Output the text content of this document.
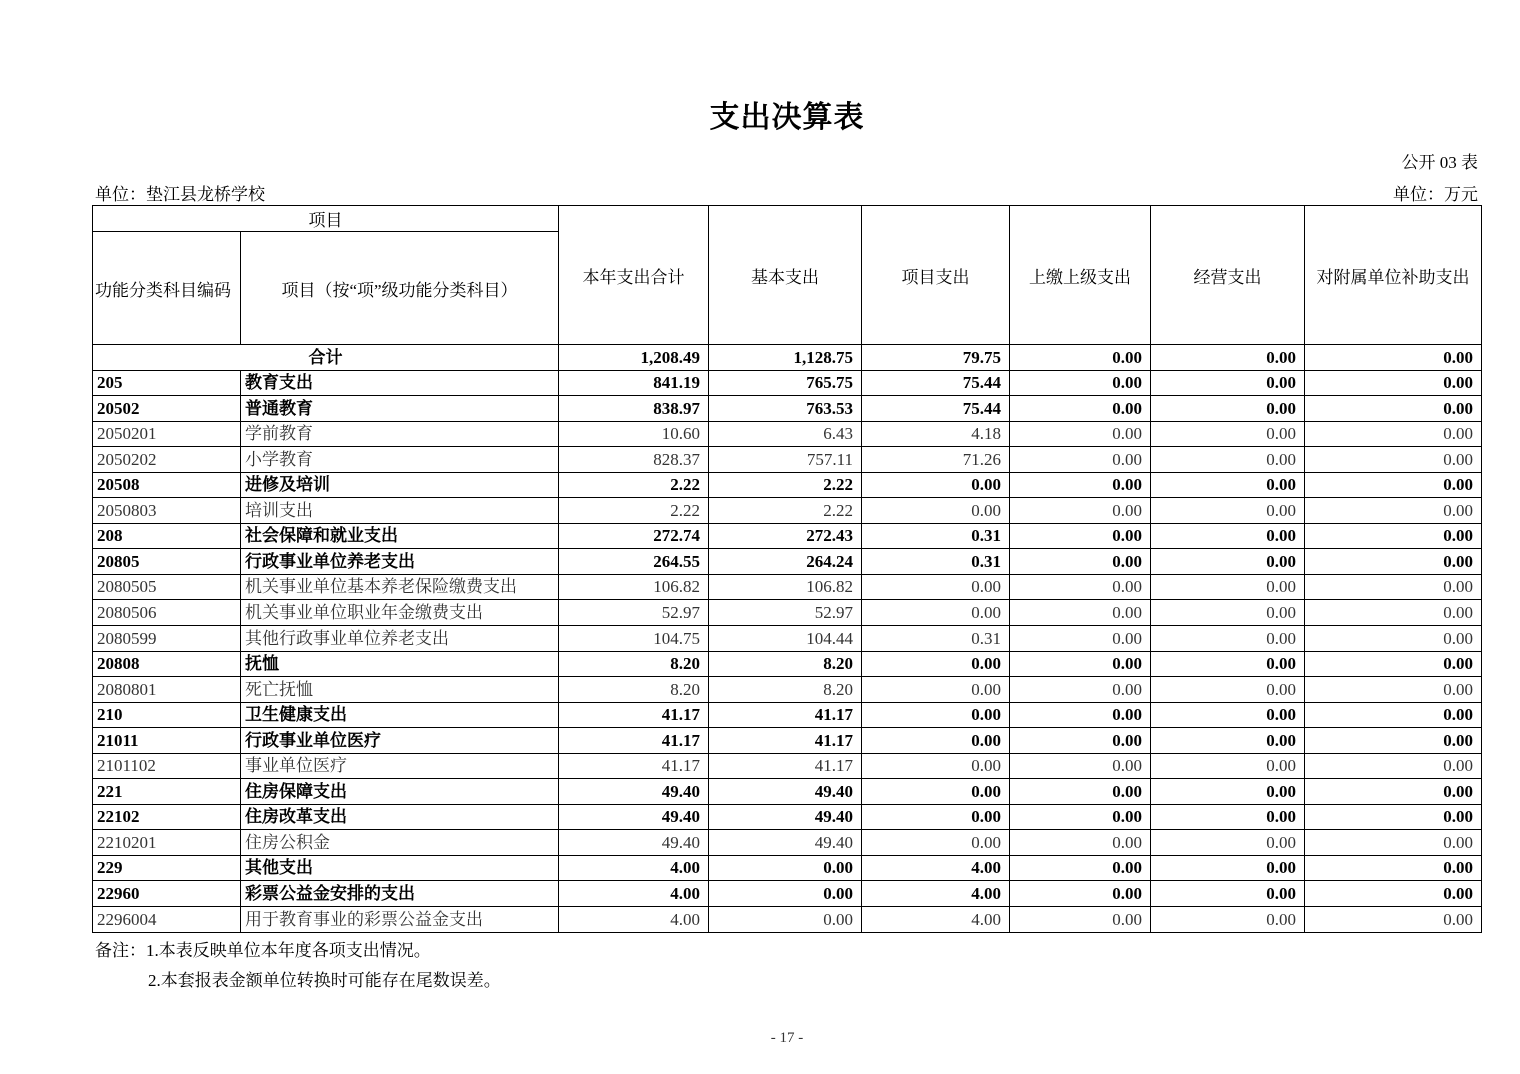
支出决算表
公开 03 表
单位：垫江县龙桥学校	单位：万元
项目		本年支出合计	基本支出	项目支出	上缴上级支出	经营支出	对附属单位补助支出
功能分类科目编码	项目（按“项”级功能分类科目）						
合计		1,208.49	1,128.75	79.75	0.00	0.00	0.00
205	教育支出	841.19	765.75	75.44	0.00	0.00	0.00
20502	普通教育	838.97	763.53	75.44	0.00	0.00	0.00
2050201	学前教育	10.60	6.43	4.18	0.00	0.00	0.00
2050202	小学教育	828.37	757.11	71.26	0.00	0.00	0.00
20508	进修及培训	2.22	2.22	0.00	0.00	0.00	0.00
2050803	培训支出	2.22	2.22	0.00	0.00	0.00	0.00
208	社会保障和就业支出	272.74	272.43	0.31	0.00	0.00	0.00
20805	行政事业单位养老支出	264.55	264.24	0.31	0.00	0.00	0.00
2080505	机关事业单位基本养老保险缴费支出	106.82	106.82	0.00	0.00	0.00	0.00
2080506	机关事业单位职业年金缴费支出	52.97	52.97	0.00	0.00	0.00	0.00
2080599	其他行政事业单位养老支出	104.75	104.44	0.31	0.00	0.00	0.00
20808	抚恤	8.20	8.20	0.00	0.00	0.00	0.00
2080801	死亡抚恤	8.20	8.20	0.00	0.00	0.00	0.00
210	卫生健康支出	41.17	41.17	0.00	0.00	0.00	0.00
21011	行政事业单位医疗	41.17	41.17	0.00	0.00	0.00	0.00
2101102	事业单位医疗	41.17	41.17	0.00	0.00	0.00	0.00
221	住房保障支出	49.40	49.40	0.00	0.00	0.00	0.00
22102	住房改革支出	49.40	49.40	0.00	0.00	0.00	0.00
2210201	住房公积金	49.40	49.40	0.00	0.00	0.00	0.00
229	其他支出	4.00	0.00	4.00	0.00	0.00	0.00
22960	彩票公益金安排的支出	4.00	0.00	4.00	0.00	0.00	0.00
2296004	用于教育事业的彩票公益金支出	4.00	0.00	4.00	0.00	0.00	0.00
备注：1.本表反映单位本年度各项支出情况。
2.本套报表金额单位转换时可能存在尾数误差。
- 17 -
